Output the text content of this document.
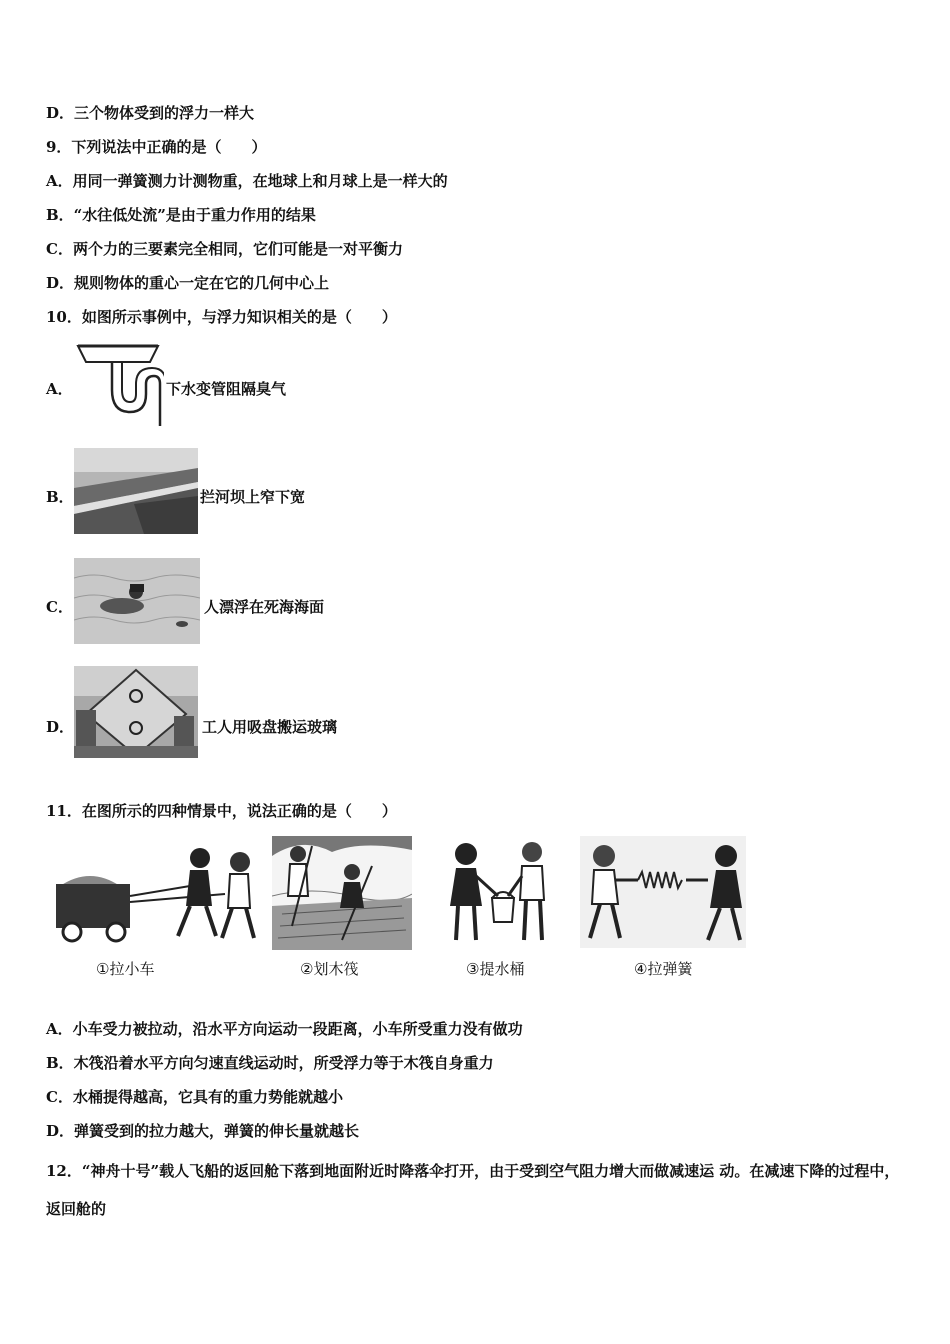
D．三个物体受到的浮力一样大
9．下列说法中正确的是（　　）
A．用同一弹簧测力计测物重，在地球上和月球上是一样大的
B．“水往低处流”是由于重力作用的结果
C．两个力的三要素完全相同，它们可能是一对平衡力
D．规则物体的重心一定在它的几何中心上
10．如图所示事例中，与浮力知识相关的是（　　）
A．	下水变管阻隔臭气
B．	拦河坝上窄下宽
C．	人漂浮在死海海面
D．	工人用吸盘搬运玻璃
11．在图所示的四种情景中，说法正确的是（　　）
①拉小车	②划木筏	③提水桶	④拉弹簧
A．小车受力被拉动，沿水平方向运动一段距离，小车所受重力没有做功
B．木筏沿着水平方向匀速直线运动时，所受浮力等于木筏自身重力
C．水桶提得越高，它具有的重力势能就越小
D．弹簧受到的拉力越大，弹簧的伸长量就越长
12．“神舟十号”载人飞船的返回舱下落到地面附近时降落伞打开，由于受到空气阻力增大而做减速运 动。在减速下降的过程中，返回舱的
